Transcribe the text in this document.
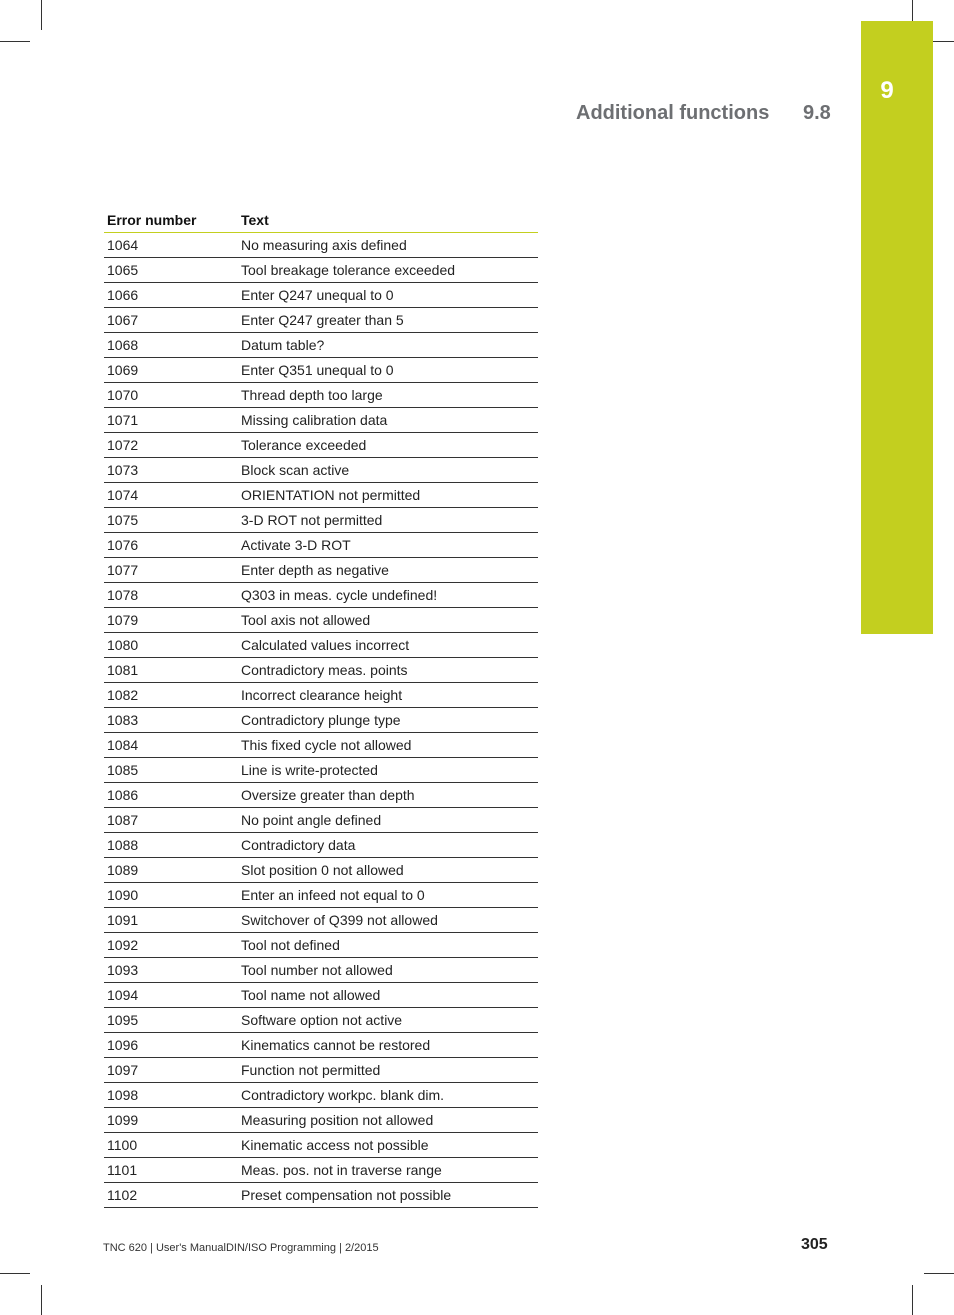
9
Additional functions 9.8
Error number	Text
1064	No measuring axis defined
1065	Tool breakage tolerance exceeded
1066	Enter Q247 unequal to 0
1067	Enter Q247 greater than 5
1068	Datum table?
1069	Enter Q351 unequal to 0
1070	Thread depth too large
1071	Missing calibration data
1072	Tolerance exceeded
1073	Block scan active
1074	ORIENTATION not permitted
1075	3-D ROT not permitted
1076	Activate 3-D ROT
1077	Enter depth as negative
1078	Q303 in meas. cycle undefined!
1079	Tool axis not allowed
1080	Calculated values incorrect
1081	Contradictory meas. points
1082	Incorrect clearance height
1083	Contradictory plunge type
1084	This fixed cycle not allowed
1085	Line is write-protected
1086	Oversize greater than depth
1087	No point angle defined
1088	Contradictory data
1089	Slot position 0 not allowed
1090	Enter an infeed not equal to 0
1091	Switchover of Q399 not allowed
1092	Tool not defined
1093	Tool number not allowed
1094	Tool name not allowed
1095	Software option not active
1096	Kinematics cannot be restored
1097	Function not permitted
1098	Contradictory workpc. blank dim.
1099	Measuring position not allowed
1100	Kinematic access not possible
1101	Meas. pos. not in traverse range
1102	Preset compensation not possible
TNC 620 | User's ManualDIN/ISO Programming | 2/2015	305
